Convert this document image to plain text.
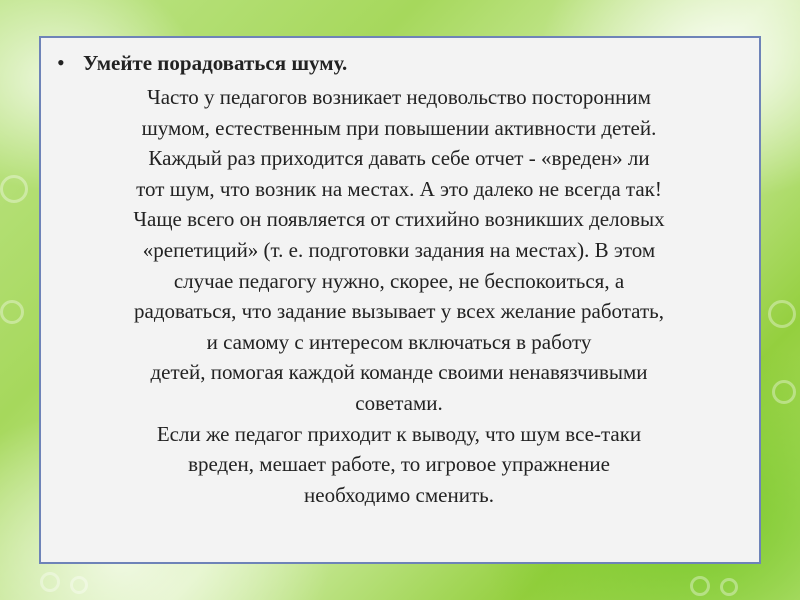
• Умейте порадоваться шуму.

Часто у педагогов возникает недовольство посторонним
шумом, естественным при повышении активности детей.
Каждый раз приходится давать себе отчет - «вреден» ли
тот шум, что возник на местах. А это далеко не всегда так!
Чаще всего он появляется от стихийно возникших деловых
«репетиций» (т. е. подготовки задания на местах). В этом
случае педагогу нужно, скорее, не беспокоиться, а
радоваться, что задание вызывает у всех желание работать,
и самому с интересом включаться в работу
детей, помогая каждой команде своими ненавязчивыми
советами.

Если же педагог приходит к выводу, что шум все-таки
вреден, мешает работе, то игровое упражнение
необходимо сменить.
